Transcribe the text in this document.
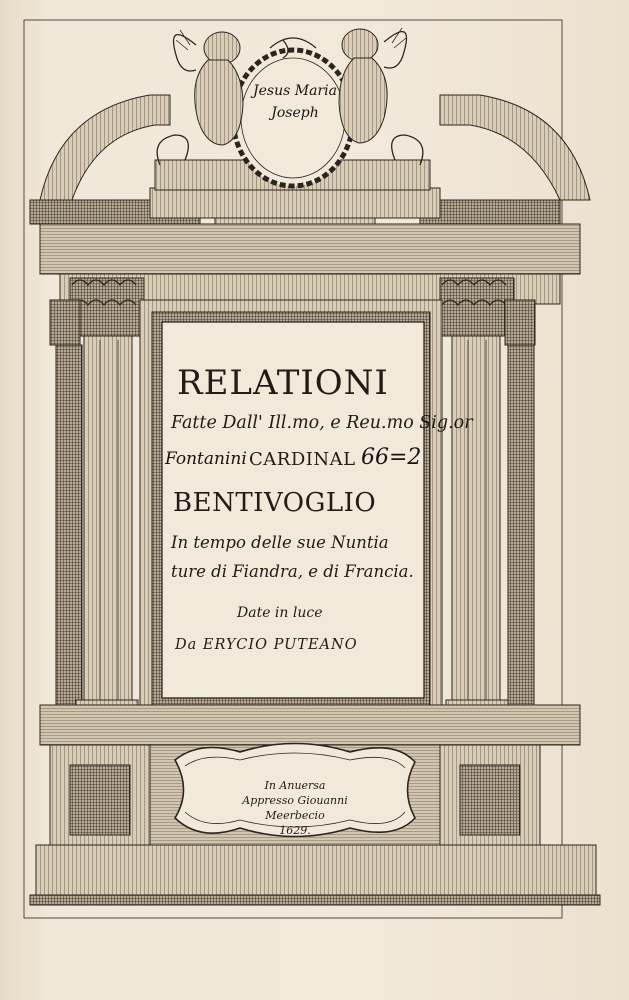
Jesus Maria
Joseph
RELATIONI
Fatte Dall' Ill.mo, e Reu.mo Sig.or
Fontanini CARDINAL 66=2
BENTIVOGLIO
In tempo delle sue Nuntia
ture di Fiandra, e di Francia.
Date in luce
Da ERYCIO PUTEANO
In Anuersa
Appresso Giouanni Meerbecio
1629.
